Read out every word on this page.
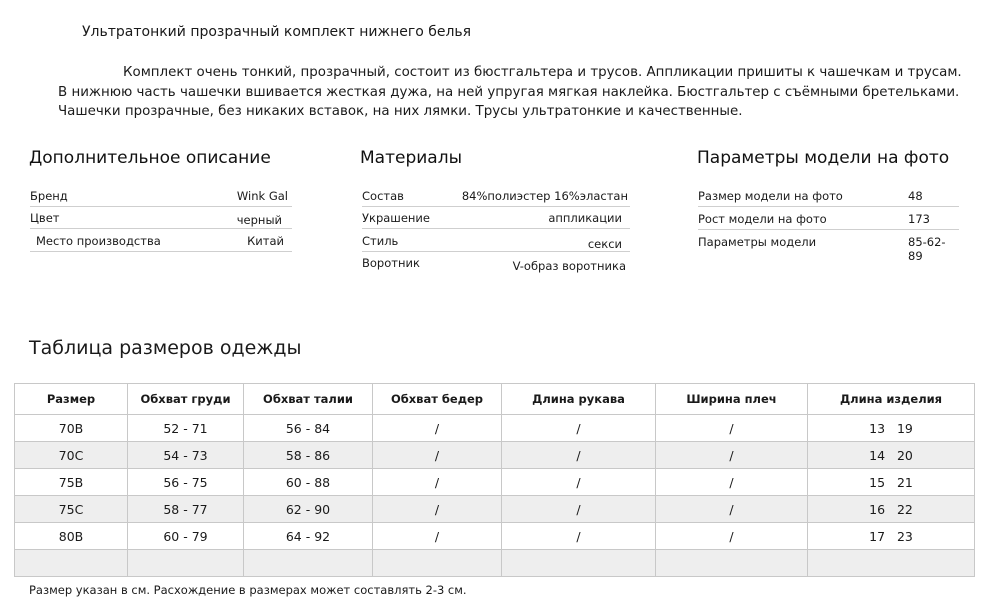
Ультратонкий прозрачный комплект нижнего белья
Комплект очень тонкий, прозрачный, состоит из бюстгальтера и трусов. Аппликации пришиты к чашечкам и трусам.
В нижнюю часть чашечки вшивается жесткая дужа, на ней упругая мягкая наклейка. Бюстгальтер с съёмными бретельками.
Чашечки прозрачные, без никаких вставок, на них лямки. Трусы ультратонкие и качественные.
Дополнительное описание
Бренд	Wink Gal
Цвет	черный
Место производства	Китай
Материалы
Состав	84%полиэстер 16%эластан
Украшение	аппликации
Стиль	секси
Воротник	V-образ воротника
Параметры модели на фото
Размер модели на фото	48
Рост модели на фото	173
Параметры модели	85-62-89
Таблица размеров одежды
Размер	Обхват груди	Обхват талии	Обхват бедер	Длина рукава	Ширина плеч	Длина изделия
70B	52 - 71	56 - 84	/	/	/	13   19
70C	54 - 73	58 - 86	/	/	/	14   20
75B	56 - 75	60 - 88	/	/	/	15   21
75C	58 - 77	62 - 90	/	/	/	16   22
80B	60 - 79	64 - 92	/	/	/	17   23

Размер указан в см. Расхождение в размерах может составлять 2-3 см.
